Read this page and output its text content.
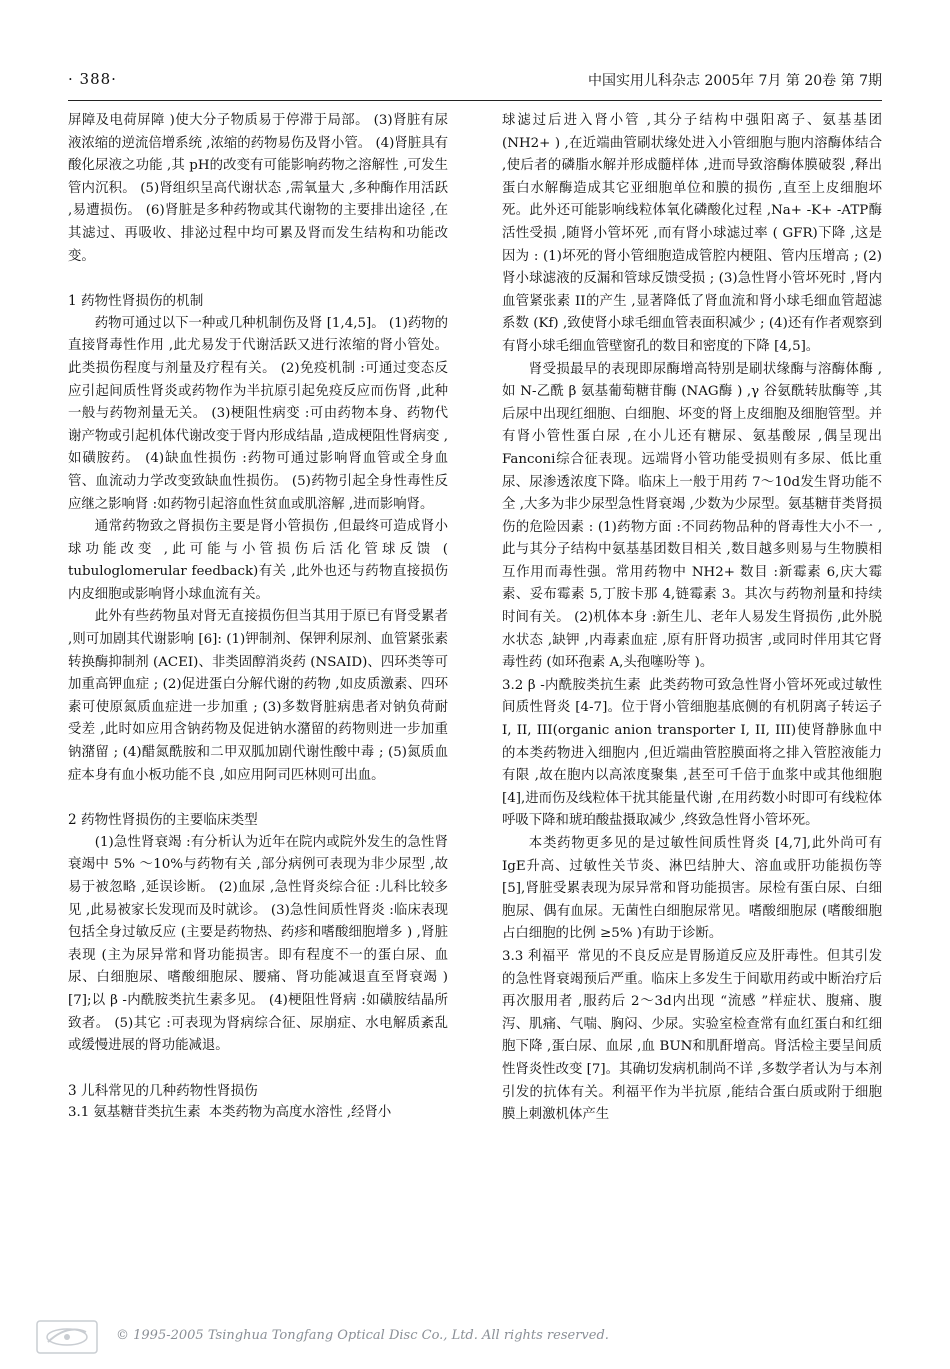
· 388·	中国实用儿科杂志 2005年 7月 第 20卷 第 7期

屏障及电荷屏障 )使大分子物质易于停滞于局部。 (3)肾脏有尿液浓缩的逆流倍增系统 ,浓缩的药物易伤及肾小管。 (4)肾脏具有酸化尿液之功能 ,其 pH的改变有可能影响药物之溶解性 ,可发生管内沉积。 (5)肾组织呈高代谢状态 ,需氧量大 ,多种酶作用活跃 ,易遭损伤。 (6)肾脏是多种药物或其代谢物的主要排出途径 ,在其滤过、再吸收、排泌过程中均可累及肾而发生结构和功能改变。

1 药物性肾损伤的机制

药物可通过以下一种或几种机制伤及肾 [1,4,5]。 (1)药物的直接肾毒性作用 ,此尤易发于代谢活跃又进行浓缩的肾小管处。此类损伤程度与剂量及疗程有关。 (2)免疫机制 :可通过变态反应引起间质性肾炎或药物作为半抗原引起免疫反应而伤肾 ,此种一般与药物剂量无关。 (3)梗阻性病变 :可由药物本身、药物代谢产物或引起机体代谢改变于肾内形成结晶 ,造成梗阻性肾病变 ,如磺胺药。 (4)缺血性损伤 :药物可通过影响肾血管或全身血管、血流动力学改变致缺血性损伤。 (5)药物引起全身性毒性反应继之影响肾 :如药物引起溶血性贫血或肌溶解 ,进而影响肾。

通常药物致之肾损伤主要是肾小管损伤 ,但最终可造成肾小球功能改变 ,此可能与小管损伤后活化管球反馈 ( tubuloglomerular feedback)有关 ,此外也还与药物直接损伤内皮细胞或影响肾小球血流有关。

此外有些药物虽对肾无直接损伤但当其用于原已有肾受累者 ,则可加剧其代谢影响 [6]: (1)钾制剂、保钾利尿剂、血管紧张素转换酶抑制剂 (ACEI)、非类固醇消炎药 (NSAID)、四环类等可加重高钾血症 ; (2)促进蛋白分解代谢的药物 ,如皮质激素、四环素可使原氮质血症进一步加重 ; (3)多数肾脏病患者对钠负荷耐受差 ,此时如应用含钠药物及促进钠水潴留的药物则进一步加重钠潴留 ; (4)醋氮酰胺和二甲双胍加剧代谢性酸中毒 ; (5)氮质血症本身有血小板功能不良 ,如应用阿司匹林则可出血。

2 药物性肾损伤的主要临床类型

(1)急性肾衰竭 :有分析认为近年在院内或院外发生的急性肾衰竭中 5% ～10%与药物有关 ,部分病例可表现为非少尿型 ,故易于被忽略 ,延误诊断。 (2)血尿 ,急性肾炎综合征 :儿科比较多见 ,此易被家长发现而及时就诊。 (3)急性间质性肾炎 :临床表现包括全身过敏反应 (主要是药物热、药疹和嗜酸细胞增多 ) ,肾脏表现 (主为尿异常和肾功能损害。即有程度不一的蛋白尿、血尿、白细胞尿、嗜酸细胞尿、腰痛、肾功能减退直至肾衰竭 ) [7];以 β -内酰胺类抗生素多见。 (4)梗阻性肾病 :如磺胺结晶所致者。 (5)其它 :可表现为肾病综合征、尿崩症、水电解质紊乱或缓慢进展的肾功能减退。

3 儿科常见的几种药物性肾损伤

3.1 氨基糖苷类抗生素 本类药物为高度水溶性 ,经肾小

球滤过后进入肾小管 ,其分子结构中强阳离子、氨基基团 (NH2+ ) ,在近端曲管刷状缘处进入小管细胞与胞内溶酶体结合 ,使后者的磷脂水解并形成髓样体 ,进而导致溶酶体膜破裂 ,释出蛋白水解酶造成其它亚细胞单位和膜的损伤 ,直至上皮细胞坏死。此外还可能影响线粒体氧化磷酸化过程 ,Na+ -K+ -ATP酶活性受损 ,随肾小管坏死 ,而有肾小球滤过率 ( GFR)下降 ,这是因为 : (1)坏死的肾小管细胞造成管腔内梗阻、管内压增高 ; (2)肾小球滤液的反漏和管球反馈受损 ; (3)急性肾小管坏死时 ,肾内血管紧张素 II的产生 ,显著降低了肾血流和肾小球毛细血管超滤系数 (Kf) ,致使肾小球毛细血管表面积减少 ; (4)还有作者观察到有肾小球毛细血管壁窗孔的数目和密度的下降 [4,5]。

肾受损最早的表现即尿酶增高特别是刷状缘酶与溶酶体酶 ,如 N-乙酰 β 氨基葡萄糖苷酶 (NAG酶 ) ,γ 谷氨酰转肽酶等 ,其后尿中出现红细胞、白细胞、坏变的肾上皮细胞及细胞管型。并有肾小管性蛋白尿 ,在小儿还有糖尿、氨基酸尿 ,偶呈现出 Fanconi综合征表现。远端肾小管功能受损则有多尿、低比重尿、尿渗透浓度下降。临床上一般于用药 7～10d发生肾功能不全 ,大多为非少尿型急性肾衰竭 ,少数为少尿型。氨基糖苷类肾损伤的危险因素 : (1)药物方面 :不同药物品种的肾毒性大小不一 ,此与其分子结构中氨基基团数目相关 ,数目越多则易与生物膜相互作用而毒性强。常用药物中 NH2+ 数目 :新霉素 6,庆大霉素、妥布霉素 5,丁胺卡那 4,链霉素 3。其次与药物剂量和持续时间有关。 (2)机体本身 :新生儿、老年人易发生肾损伤 ,此外脱水状态 ,缺钾 ,内毒素血症 ,原有肝肾功损害 ,或同时伴用其它肾毒性药 (如环孢素 A,头孢噻吩等 )。

3.2 β -内酰胺类抗生素 此类药物可致急性肾小管坏死或过敏性间质性肾炎 [4-7]。位于肾小管细胞基底侧的有机阴离子转运子 I, II, III(organic anion transporter I, II, III)使肾静脉血中的本类药物进入细胞内 ,但近端曲管腔膜面将之排入管腔液能力有限 ,故在胞内以高浓度聚集 ,甚至可千倍于血浆中或其他细胞 [4],进而伤及线粒体干扰其能量代谢 ,在用药数小时即可有线粒体呼吸下降和琥珀酸盐摄取减少 ,终致急性肾小管坏死。

本类药物更多见的是过敏性间质性肾炎 [4,7],此外尚可有 IgE升高、过敏性关节炎、淋巴结肿大、溶血或肝功能损伤等 [5],肾脏受累表现为尿异常和肾功能损害。尿检有蛋白尿、白细胞尿、偶有血尿。无菌性白细胞尿常见。嗜酸细胞尿 (嗜酸细胞占白细胞的比例 ≥5% )有助于诊断。

3.3 利福平 常见的不良反应是胃肠道反应及肝毒性。但其引发的急性肾衰竭预后严重。临床上多发生于间歇用药或中断治疗后再次服用者 ,服药后 2～3d内出现 “流感 ”样症状、腹痛、腹泻、肌痛、气喘、胸闷、少尿。实验室检查常有血红蛋白和红细胞下降 ,蛋白尿、血尿 ,血 BUN和肌酐增高。肾活检主要呈间质性肾炎性改变 [7]。其确切发病机制尚不详 ,多数学者认为与本剂引发的抗体有关。利福平作为半抗原 ,能结合蛋白质或附于细胞膜上刺激机体产生

© 1995-2005 Tsinghua Tongfang Optical Disc Co., Ltd. All rights reserved.
